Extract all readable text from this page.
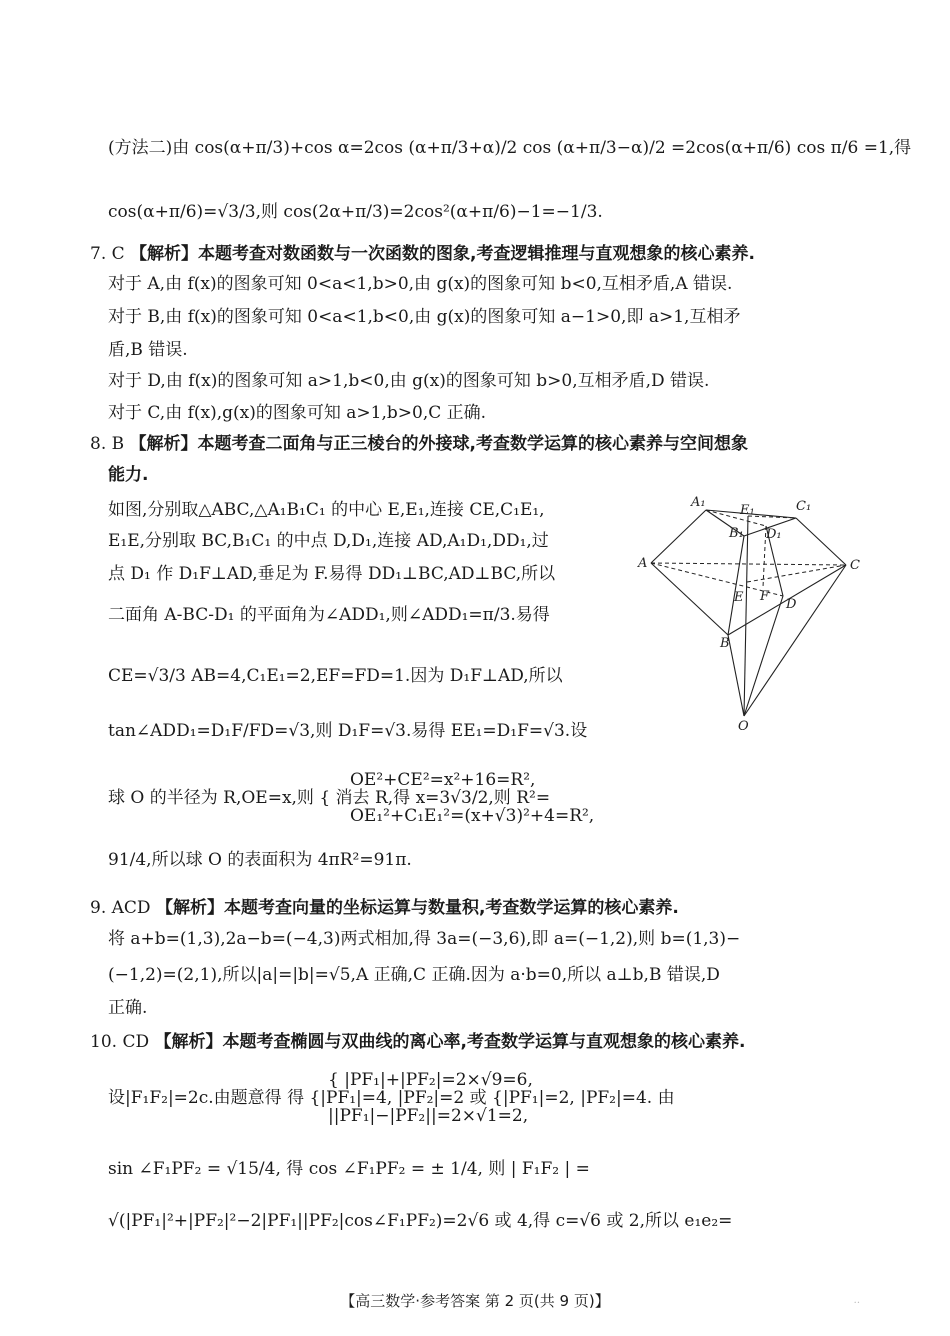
(方法二)由 cos(α+π/3)+cos α=2cos (α+π/3+α)/2 cos (α+π/3−α)/2 =2cos(α+π/6) cos π/6 =1,得
cos(α+π/6)=√3/3,则 cos(2α+π/3)=2cos²(α+π/6)−1=−1/3.
7. C 【解析】本题考查对数函数与一次函数的图象,考查逻辑推理与直观想象的核心素养.
对于 A,由 f(x)的图象可知 0<a<1,b>0,由 g(x)的图象可知 b<0,互相矛盾,A 错误.
对于 B,由 f(x)的图象可知 0<a<1,b<0,由 g(x)的图象可知 a−1>0,即 a>1,互相矛
盾,B 错误.
对于 D,由 f(x)的图象可知 a>1,b<0,由 g(x)的图象可知 b>0,互相矛盾,D 错误.
对于 C,由 f(x),g(x)的图象可知 a>1,b>0,C 正确.
8. B 【解析】本题考查二面角与正三棱台的外接球,考查数学运算的核心素养与空间想象
能力.
如图,分别取△ABC,△A₁B₁C₁ 的中心 E,E₁,连接 CE,C₁E₁,
E₁E,分别取 BC,B₁C₁ 的中点 D,D₁,连接 AD,A₁D₁,DD₁,过
点 D₁ 作 D₁F⊥AD,垂足为 F.易得 DD₁⊥BC,AD⊥BC,所以
二面角 A-BC-D₁ 的平面角为∠ADD₁,则∠ADD₁=π/3.易得
CE=√3/3 AB=4,C₁E₁=2,EF=FD=1.因为 D₁F⊥AD,所以
tan∠ADD₁=D₁F/FD=√3,则 D₁F=√3.易得 EE₁=D₁F=√3.设
OE²+CE²=x²+16=R²,
球 O 的半径为 R,OE=x,则 { 消去 R,得 x=3√3/2,则 R²=
OE₁²+C₁E₁²=(x+√3)²+4=R²,
91/4,所以球 O 的表面积为 4πR²=91π.
9. ACD 【解析】本题考查向量的坐标运算与数量积,考查数学运算的核心素养.
将 a+b=(1,3),2a−b=(−4,3)两式相加,得 3a=(−3,6),即 a=(−1,2),则 b=(1,3)−
(−1,2)=(2,1),所以|a|=|b|=√5,A 正确,C 正确.因为 a·b=0,所以 a⊥b,B 错误,D
正确.
10. CD 【解析】本题考查椭圆与双曲线的离心率,考查数学运算与直观想象的核心素养.
{ |PF₁|+|PF₂|=2×√9=6,
设|F₁F₂|=2c.由题意得 得 {|PF₁|=4, |PF₂|=2 或 {|PF₁|=2, |PF₂|=4. 由
||PF₁|−|PF₂||=2×√1=2,
sin ∠F₁PF₂ = √15/4, 得 cos ∠F₁PF₂ = ± 1/4, 则 | F₁F₂ | =
√(|PF₁|²+|PF₂|²−2|PF₁||PF₂|cos∠F₁PF₂)=2√6 或 4,得 c=√6 或 2,所以 e₁e₂=
A₁
E₁	C₁
B₁ D₁
A	C
E F
D
B
O
【高三数学·参考答案 第 2 页(共 9 页)】	··
